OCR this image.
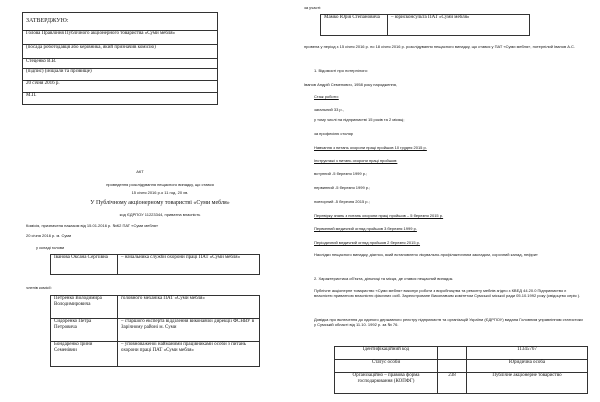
ЗАТВЕРДЖУЮ:
Голова Правління Публічного акціонерного товариства «Суми мебля»
(посада роботодавця або керівника, який призначив комісію)
Стеценко В.В.
(підпис) (ініціали та прізвище)
20 січня 2016 р.
М.П.
АКТ
проведення розслідування нещасного випадку, що стався
15 січня 2016 р.о 11 год. 20 хв.
У Публічному акціонерному товаристві «Суми мебля»
код ЄДРПОУ 11223344, приватна власність
Комісія, призначена наказом від 15.01.2016 р. №К2 ПАТ «Суми мебля»
20 січня 2016 р. м. Суми
у складі голови
Іванова Оксана Сергіївна	– начальника служби охорони праці ПАТ «Суми мебля»
членів комісії:
Петренко Володимира Володимировича	головного механіка ПАТ «Суми мебля»
Сидоренко Петра Петровича	– старшого експерта відділення виконавчої дирекції ФСНВУ в Зарічному районі м. Суми
Бондаренко Ірини Семенівни	– уповноваженої найманими працівниками особи з питань охорони праці ПАТ «Суми мебля»
за участі:
Мамко Юрія Степановича	– юрисконсульта ПАТ «Суми мебля»
провела у період з 15 січня 2016 р. по 18 січня 2016 р. розслідування нещасного випадку, що стався у ПАТ «Суми мебля», потерпілий Іванов А.С.
1. Відомості про потерпілого:
Іванов Андрій Семенович, 1958 року народження,
Стаж роботи:
загальний 33 р.,
у тому числі на підприємстві 15 років та 2 місяці;
за професією столяр
Навчання з питань охорони праці пройшов 10 грудня 2015 р.
Інструктажі з питань охорони праці пройшов:
вступний -5 березня 1999 р.;
первинний -5 березня 1999 р.;
повторний -5 березня 2015 р.;
Перевірку знань з питань охорони праці пройшов – 5 березня 2015 р.
Первинний медичний огляд пройшов 3 березня 1999 р.
Періодичний медичний огляд пройшов 2 березня 2015 р.
Наслідки нещасного випадку, діагноз, який встановлено лікувально-профілактичним закладом, сорочний калад, нефрит
2. Характеристика об'єкта, дільниці та місця, де стався нещасний випадок.
Публічне акціонерне товариство «Суми мебля» виконує роботи з виробництва та ремонту меблів згідно з КВЕД 44.20.0 Підприємство є власністю приватною власністю фізичних осіб. Зареєстроване Виконавчим комітетом Сумської міської ради 05.10.1992 року (свідоцтво серія ).
Довідка про включення до єдиного державного реєстру підприємств та організацій України (ЄДРПОУ) видана Головним управлінням статистики у Сумській області від 11.10. 1992 р. за № 76.
Ідентифікаційний код		11345767
Статус особи		Юридична особа
Організаційно – правова форма господарювання (КОПФГ)	238	Публічне акціонерне товариство
